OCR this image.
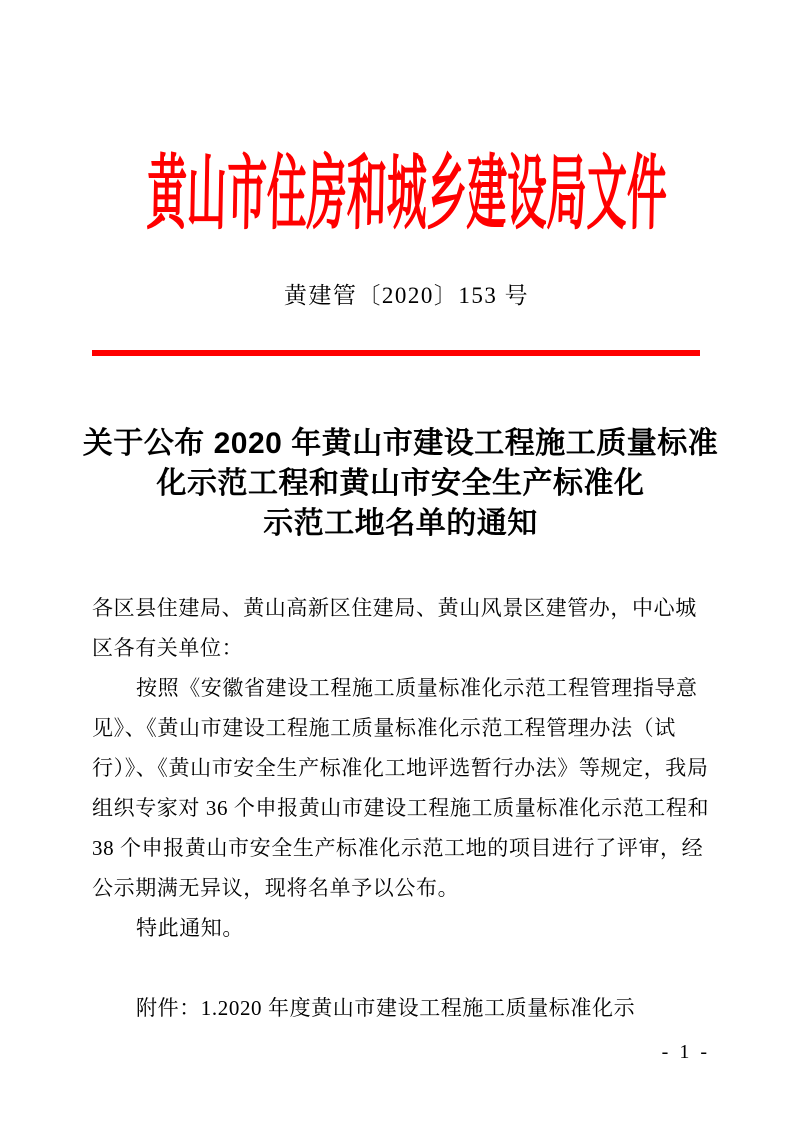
黄山市住房和城乡建设局文件
黄建管〔2020〕153 号
关于公布 2020 年黄山市建设工程施工质量标准
化示范工程和黄山市安全生产标准化
示范工地名单的通知
各区县住建局、黄山高新区住建局、黄山风景区建管办，中心城
区各有关单位：
按照《安徽省建设工程施工质量标准化示范工程管理指导意
见》、《黄山市建设工程施工质量标准化示范工程管理办法（试
行）》、《黄山市安全生产标准化工地评选暂行办法》等规定，我局
组织专家对 36 个申报黄山市建设工程施工质量标准化示范工程和
38 个申报黄山市安全生产标准化示范工地的项目进行了评审，经
公示期满无异议，现将名单予以公布。
特此通知。
附件：1.2020 年度黄山市建设工程施工质量标准化示
- 1 -
